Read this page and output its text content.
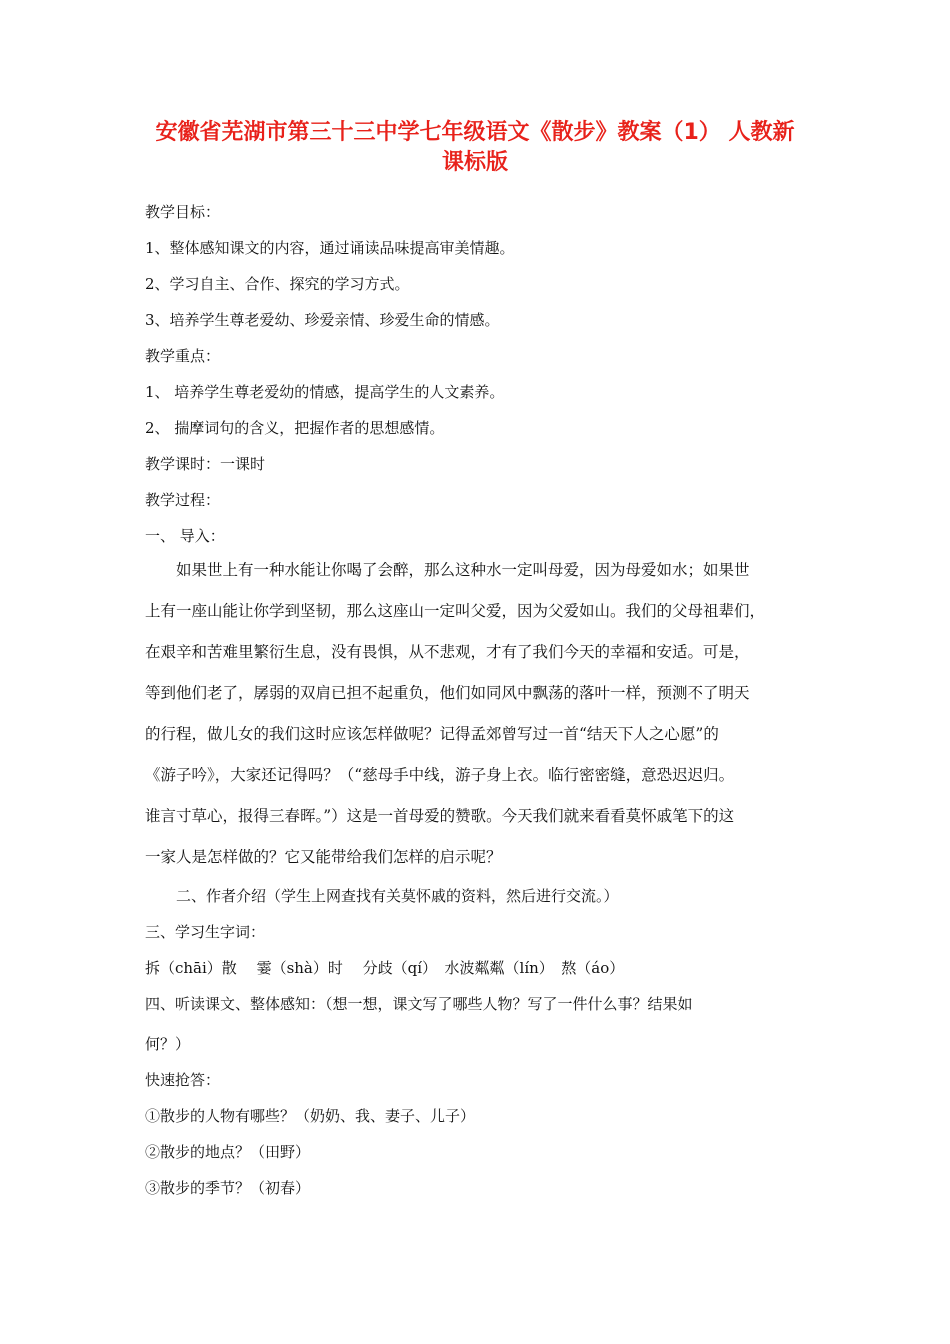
安徽省芜湖市第三十三中学七年级语文《散步》教案（1） 人教新
课标版
教学目标：
1、整体感知课文的内容，通过诵读品味提高审美情趣。
2、学习自主、合作、探究的学习方式。
3、培养学生尊老爱幼、珍爱亲情、珍爱生命的情感。
教学重点：
1、 培养学生尊老爱幼的情感，提高学生的人文素养。
2、 揣摩词句的含义，把握作者的思想感情。
教学课时：一课时
教学过程：
一、 导入：
如果世上有一种水能让你喝了会醉，那么这种水一定叫母爱，因为母爱如水；如果世
上有一座山能让你学到坚韧，那么这座山一定叫父爱，因为父爱如山。我们的父母祖辈们，
在艰辛和苦难里繁衍生息，没有畏惧，从不悲观，才有了我们今天的幸福和安适。可是，
等到他们老了，孱弱的双肩已担不起重负，他们如同风中飘荡的落叶一样，预测不了明天
的行程，做儿女的我们这时应该怎样做呢？记得孟郊曾写过一首“结天下人之心愿”的
《游子吟》，大家还记得吗？（“慈母手中线，游子身上衣。临行密密缝，意恐迟迟归。
谁言寸草心，报得三春晖。”）这是一首母爱的赞歌。今天我们就来看看莫怀戚笔下的这
一家人是怎样做的？它又能带给我们怎样的启示呢？
二、作者介绍（学生上网查找有关莫怀戚的资料，然后进行交流。）
三、学习生字词：
拆（chāi）散　 霎（shà）时　 分歧（qí）　水波粼粼（lín）　熬（áo）
四、听读课文、整体感知：（想一想，课文写了哪些人物？写了一件什么事？结果如
何？）
快速抢答：
①散步的人物有哪些？（奶奶、我、妻子、儿子）
②散步的地点？（田野）
③散步的季节？（初春）
